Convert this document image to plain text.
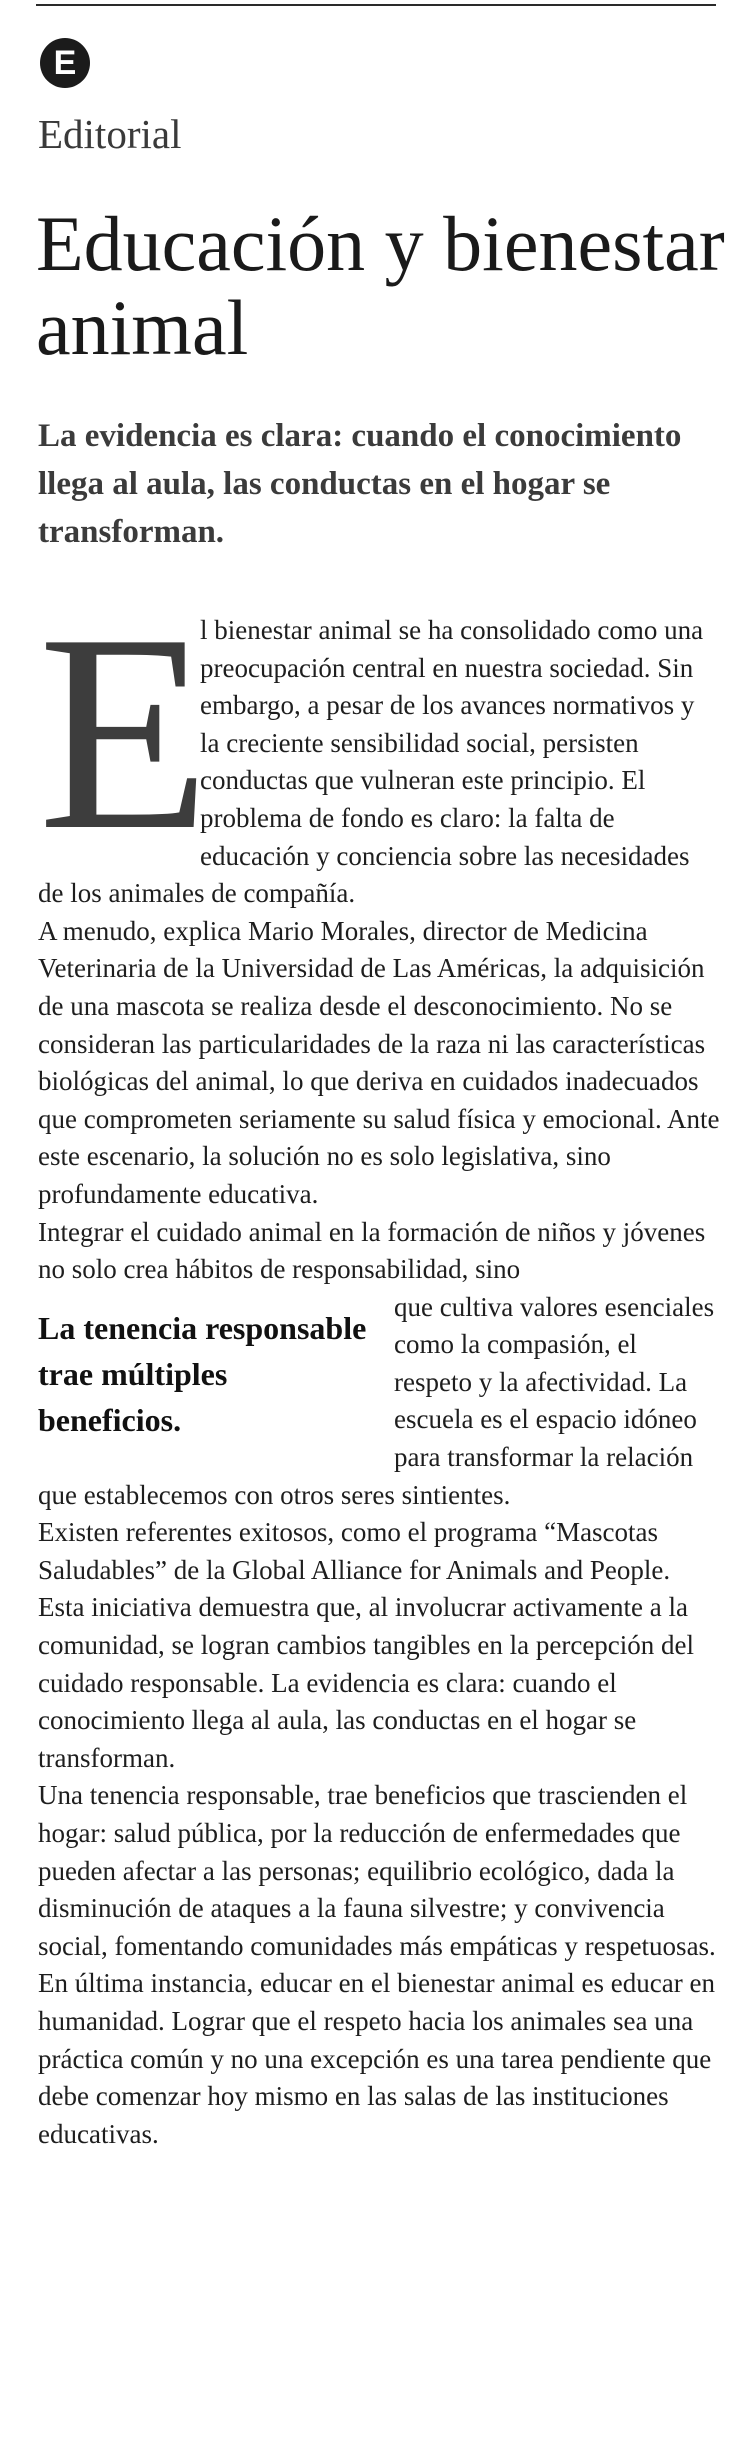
E
Editorial
Educación y bienestar animal

La evidencia es clara: cuando el conocimiento llega al aula, las conductas en el hogar se transforman.

E
l bienestar animal se ha consolidado como una preocupación central en nuestra sociedad. Sin embargo, a pesar de los avances normativos y la creciente sensibilidad social, persisten conductas que vulneran este principio. El problema de fondo es claro: la falta de educación y conciencia sobre las necesidades de los animales de compañía.

A menudo, explica Mario Morales, director de Medicina Veterinaria de la Universidad de Las Américas, la adquisición de una mascota se realiza desde el desconocimiento. No se consideran las particularidades de la raza ni las características biológicas del animal, lo que deriva en cuidados inadecuados que comprometen seriamente su salud física y emocional. Ante este escenario, la solución no es solo legislativa, sino profundamente educativa.

Integrar el cuidado animal en la formación de niños y jóvenes no solo crea hábitos de responsabilidad, sino

La tenencia responsable trae múltiples beneficios.

que cultiva valores esenciales como la compasión, el respeto y la afectividad. La escuela es el espacio idóneo para transformar la relación que establecemos con otros seres sintientes.

Existen referentes exitosos, como el programa “Mascotas Saludables” de la Global Alliance for Animals and People. Esta iniciativa demuestra que, al involucrar activamente a la comunidad, se logran cambios tangibles en la percepción del cuidado responsable. La evidencia es clara: cuando el conocimiento llega al aula, las conductas en el hogar se transforman.

Una tenencia responsable, trae beneficios que trascienden el hogar: salud pública, por la reducción de enfermedades que pueden afectar a las personas; equilibrio ecológico, dada la disminución de ataques a la fauna silvestre; y convivencia social, fomentando comunidades más empáticas y respetuosas.

En última instancia, educar en el bienestar animal es educar en humanidad. Lograr que el respeto hacia los animales sea una práctica común y no una excepción es una tarea pendiente que debe comenzar hoy mismo en las salas de las instituciones educativas.
